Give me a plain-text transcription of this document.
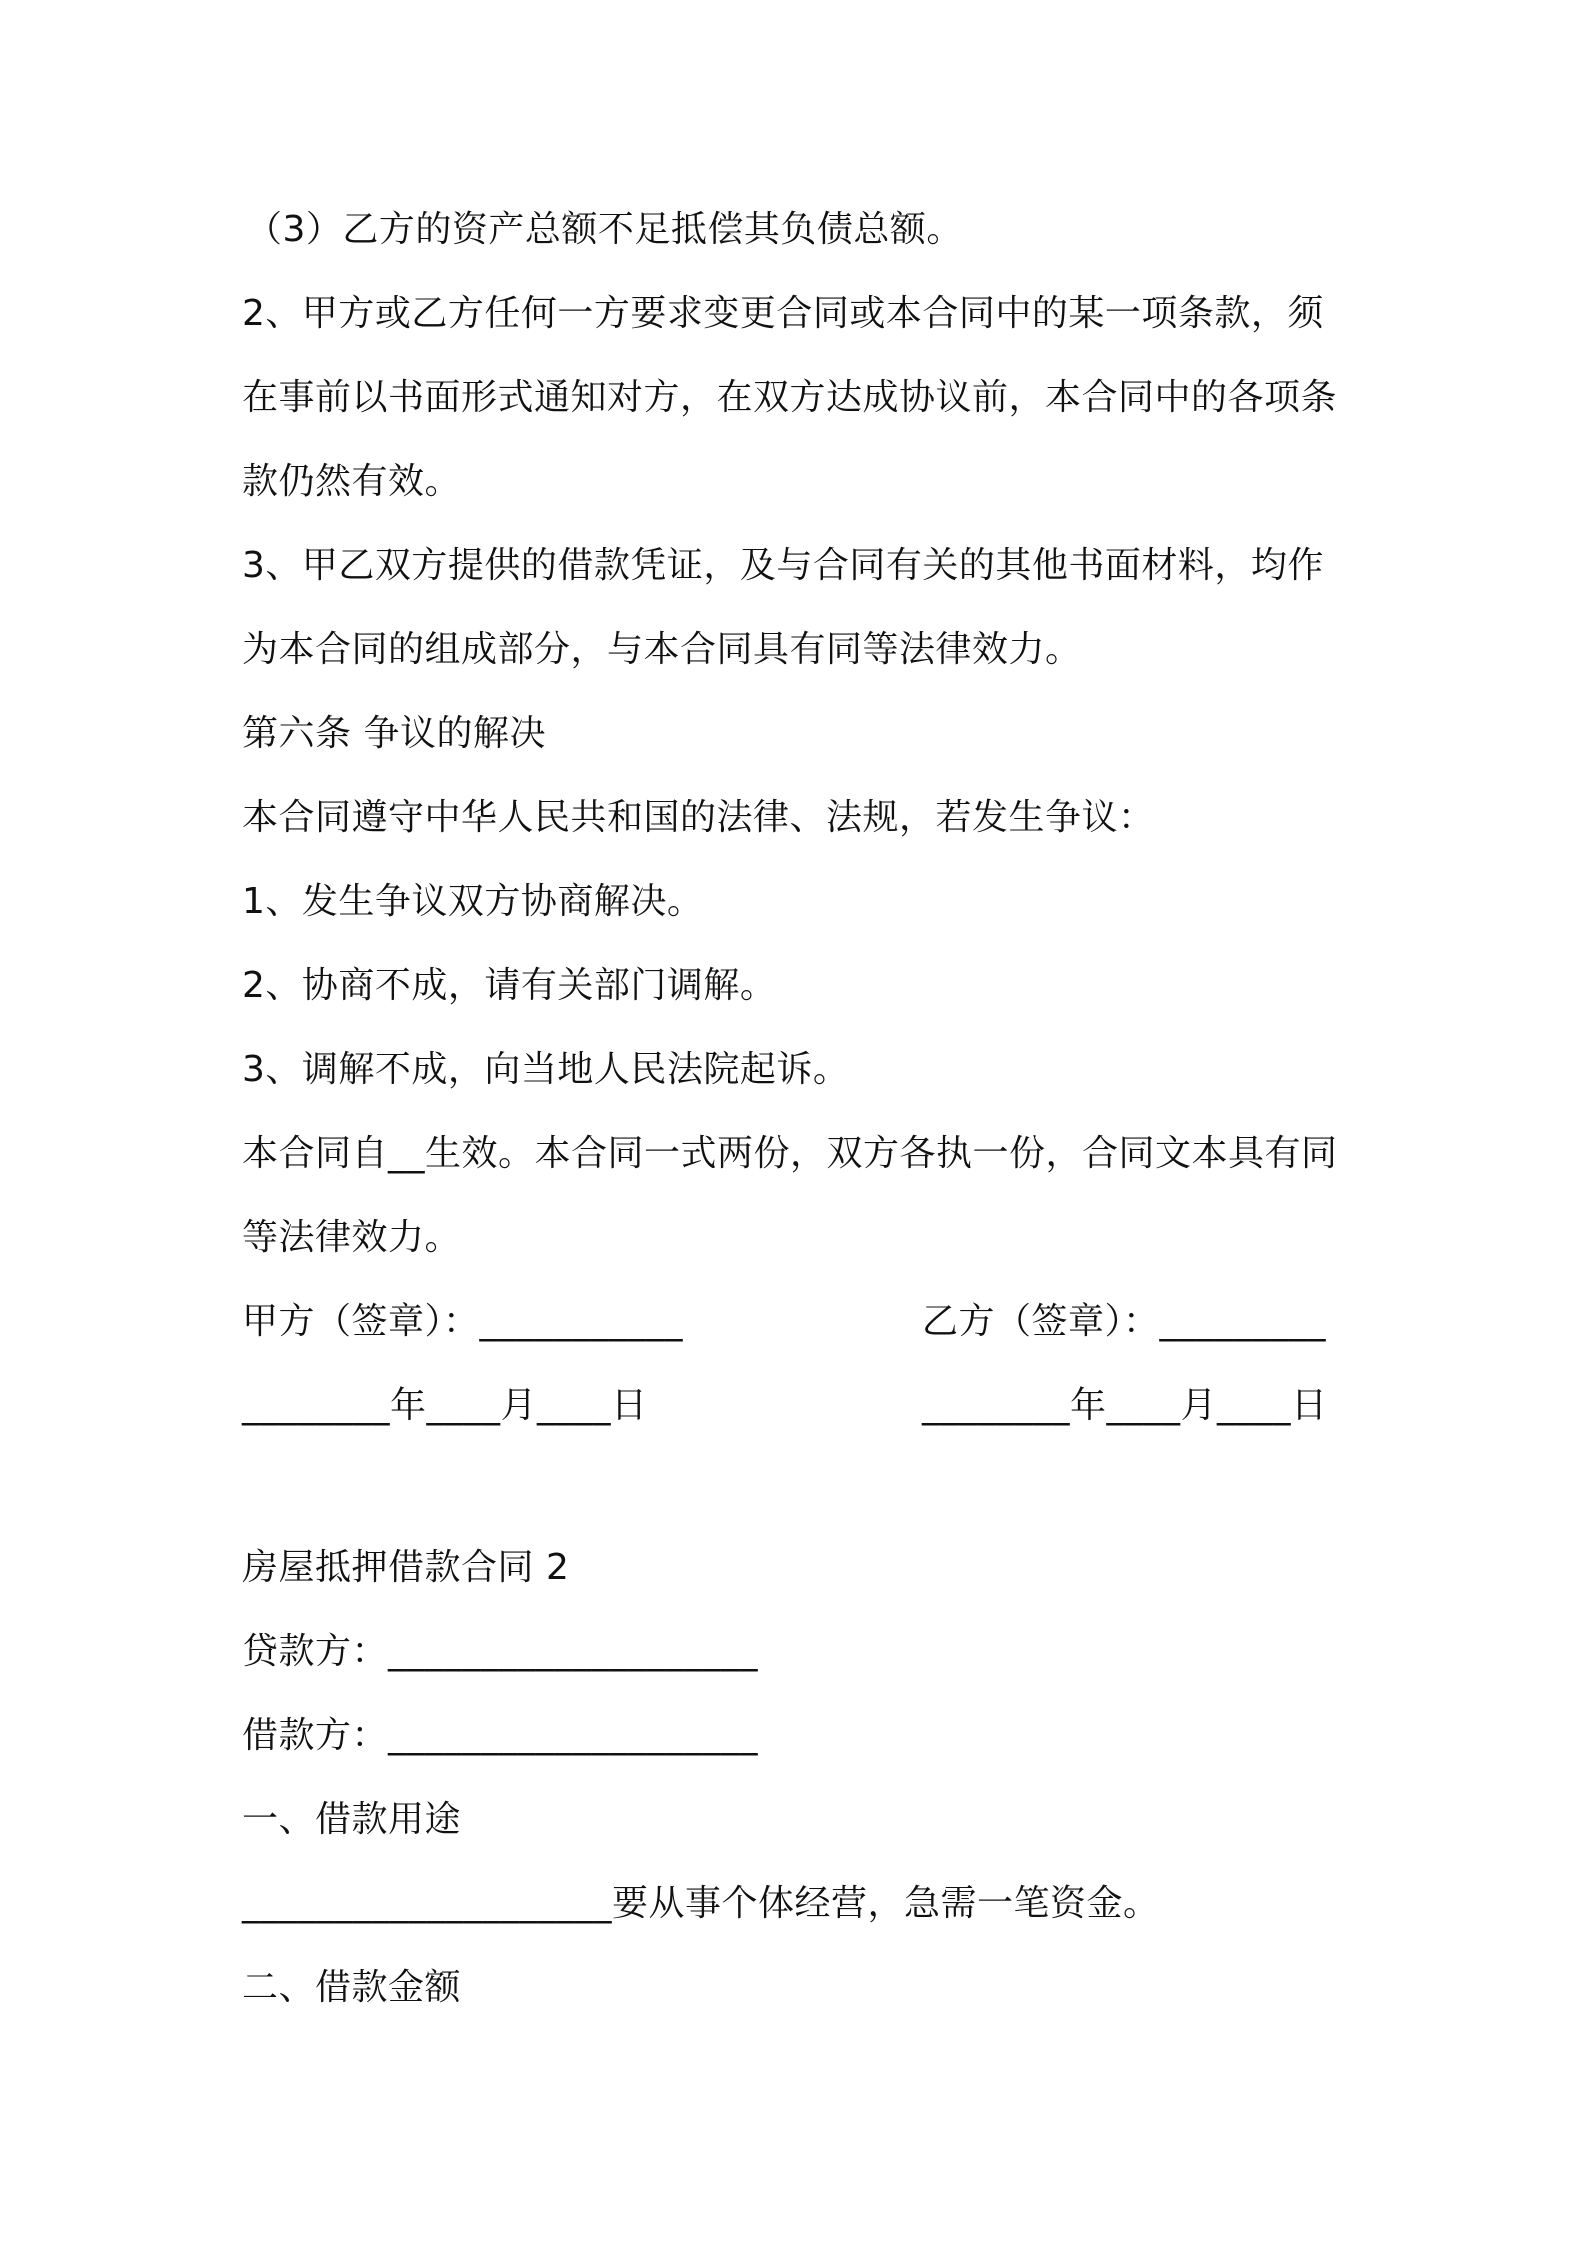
（3）乙方的资产总额不足抵偿其负债总额。
2、甲方或乙方任何一方要求变更合同或本合同中的某一项条款，须
在事前以书面形式通知对方，在双方达成协议前，本合同中的各项条
款仍然有效。
3、甲乙双方提供的借款凭证，及与合同有关的其他书面材料，均作
为本合同的组成部分，与本合同具有同等法律效力。
第六条 争议的解决
本合同遵守中华人民共和国的法律、法规，若发生争议：
1、发生争议双方协商解决。
2、协商不成，请有关部门调解。
3、调解不成，向当地人民法院起诉。
本合同自__生效。本合同一式两份，双方各执一份，合同文本具有同
等法律效力。
甲方（签章）：___________	乙方（签章）：_________
________年____月____日	________年____月____日
房屋抵押借款合同 2
贷款方：____________________
借款方：____________________
一、借款用途
____________________要从事个体经营，急需一笔资金。
二、借款金额
